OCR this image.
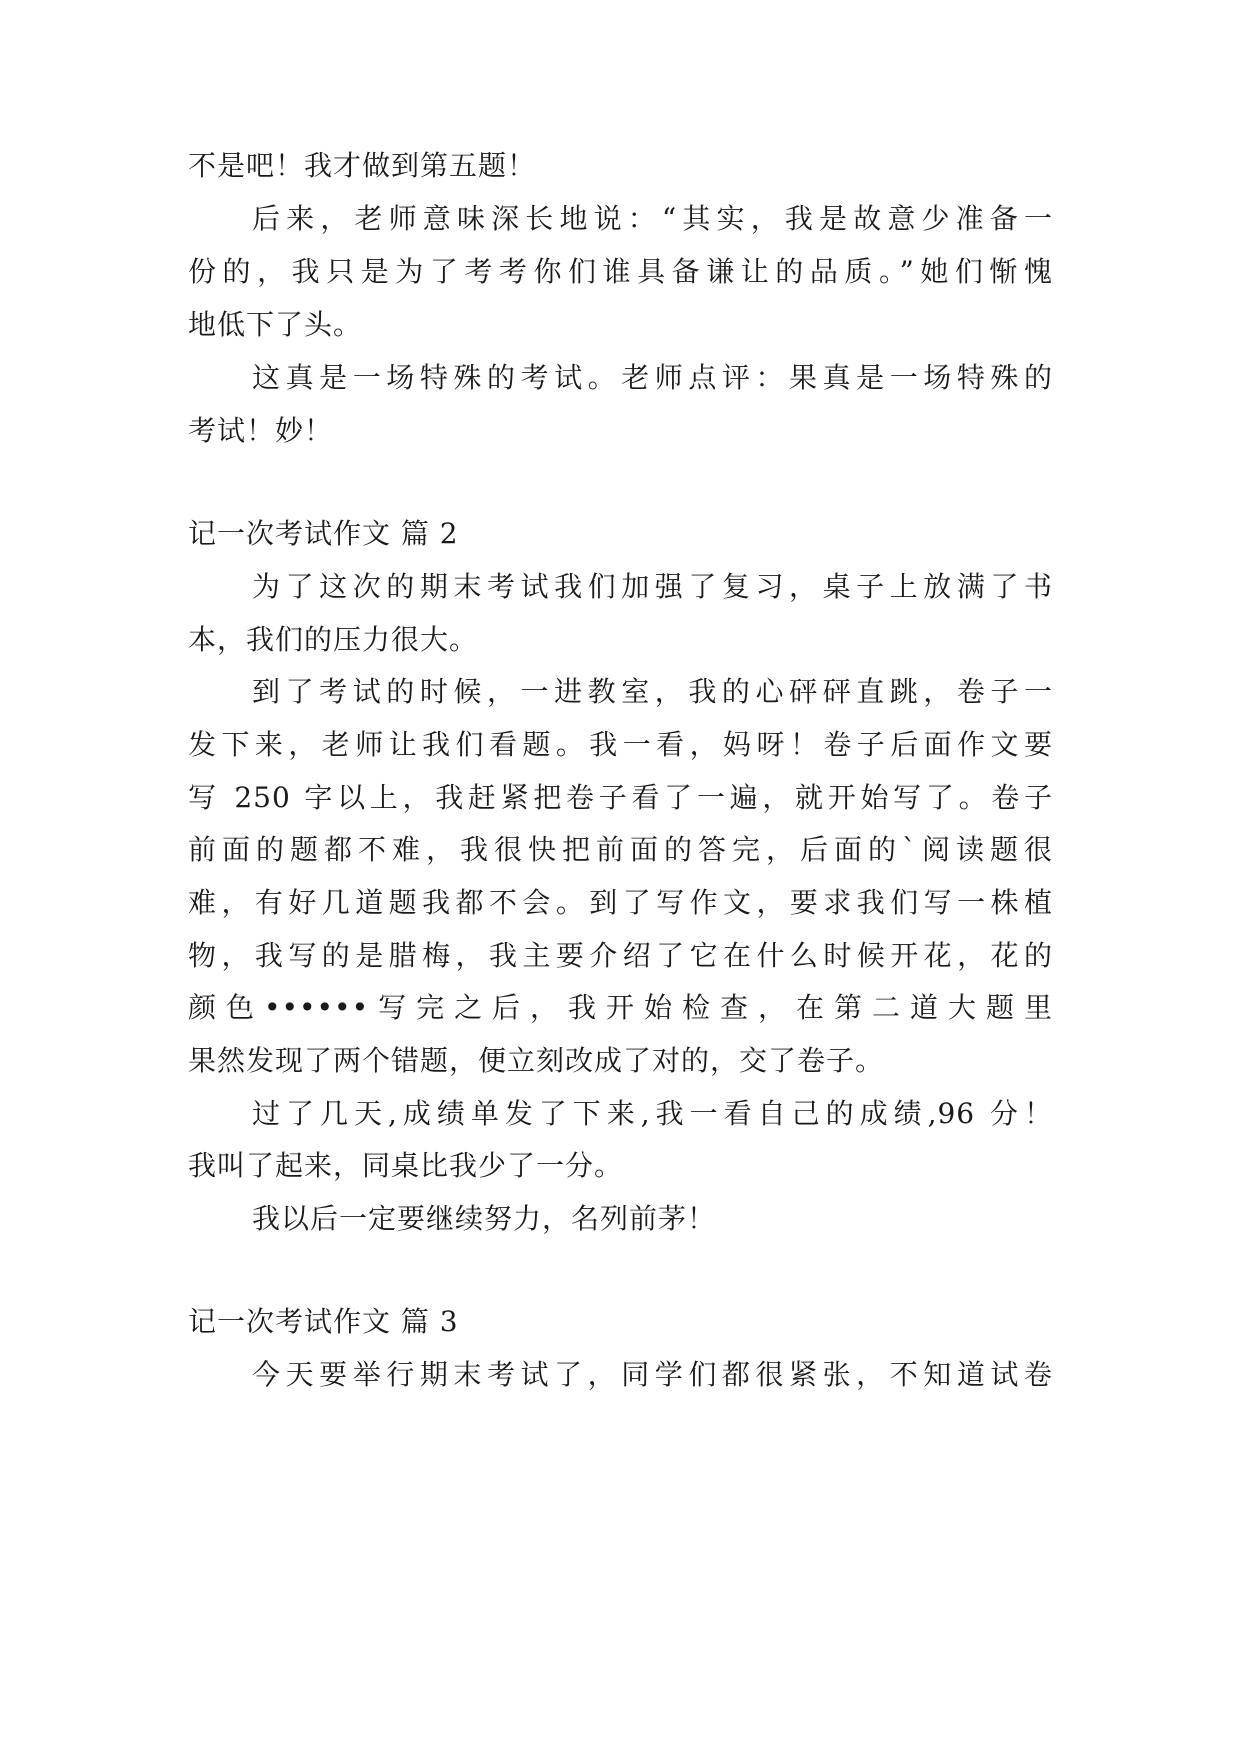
不是吧！我才做到第五题！
后来，老师意味深长地说：“其实，我是故意少准备一
份的，我只是为了考考你们谁具备谦让的品质。”她们惭愧
地低下了头。
这真是一场特殊的考试。老师点评：果真是一场特殊的
考试！妙！
记一次考试作文 篇 2
为了这次的期末考试我们加强了复习，桌子上放满了书
本，我们的压力很大。
到了考试的时候，一进教室，我的心砰砰直跳，卷子一
发下来，老师让我们看题。我一看，妈呀！卷子后面作文要
写 250 字以上，我赶紧把卷子看了一遍，就开始写了。卷子
前面的题都不难，我很快把前面的答完，后面的`阅读题很
难，有好几道题我都不会。到了写作文，要求我们写一株植
物，我写的是腊梅，我主要介绍了它在什么时候开花，花的
颜色••••••写完之后，我开始检查，在第二道大题里
果然发现了两个错题，便立刻改成了对的，交了卷子。
过了几天,成绩单发了下来,我一看自己的成绩,96 分！
我叫了起来，同桌比我少了一分。
我以后一定要继续努力，名列前茅！
记一次考试作文 篇 3
今天要举行期末考试了，同学们都很紧张，不知道试卷
